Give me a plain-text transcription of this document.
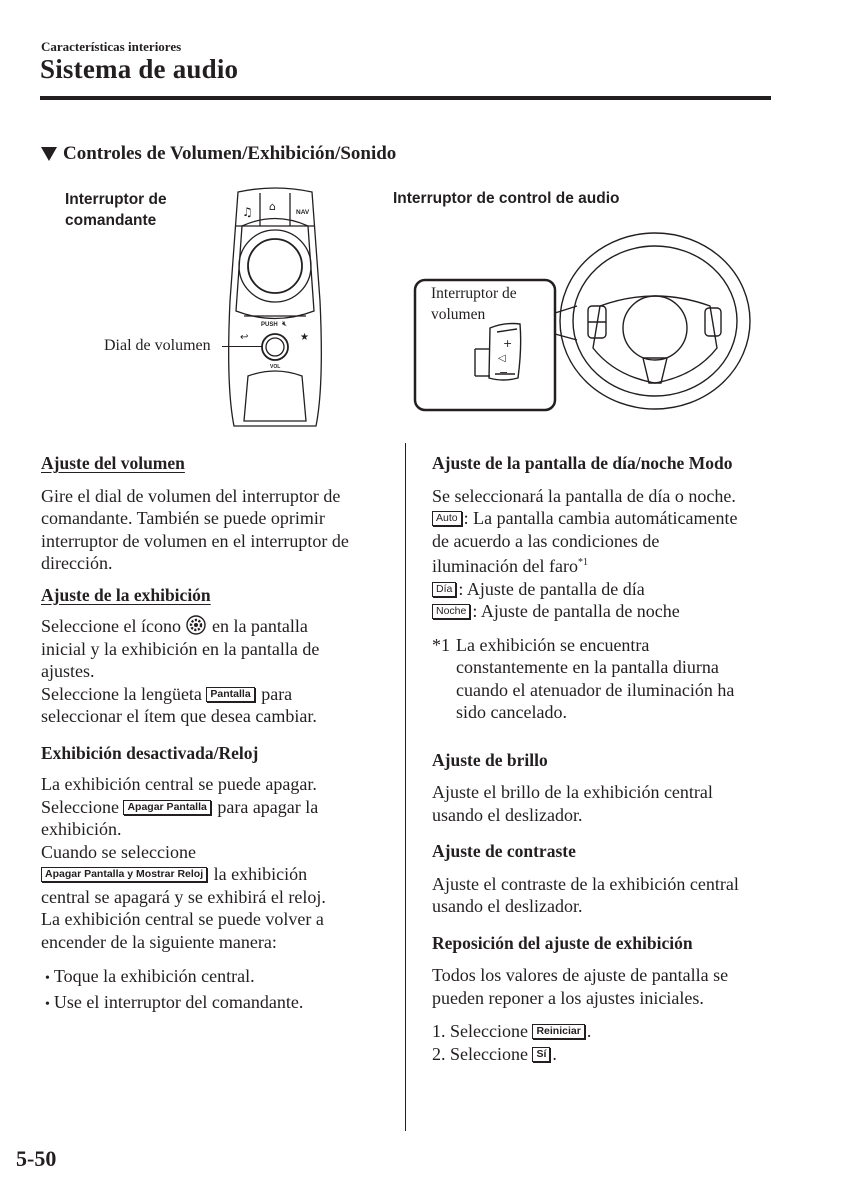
Características interiores
Sistema de audio
Controles de Volumen/Exhibición/Sonido
Interruptor de
comandante
Dial de volumen
♫ ⌂	NAV
PUSH 🔇︎
VOL
↩	★
Interruptor de control de audio
+
◁
−
Interruptor de
volumen

Ajuste del volumen

Gire el dial de volumen del interruptor de

comandante. También se puede oprimir

interruptor de volumen en el interruptor de

dirección.

Ajuste de la exhibición

Seleccione el ícono en la pantalla

inicial y la exhibición en la pantalla de

ajustes.

Seleccione la lengüeta Pantalla para

seleccionar el ítem que desea cambiar.

Exhibición desactivada/Reloj

La exhibición central se puede apagar.

Seleccione Apagar Pantalla para apagar la

exhibición.

Cuando se seleccione

Apagar Pantalla y Mostrar Reloj la exhibición

central se apagará y se exhibirá el reloj.

La exhibición central se puede volver a

encender de la siguiente manera:

• Toque la exhibición central.

• Use el interruptor del comandante.

Ajuste de la pantalla de día/noche Modo

Se seleccionará la pantalla de día o noche.

Auto : La pantalla cambia automáticamente

de acuerdo a las condiciones de

iluminación del faro$^{*1}$

Día : Ajuste de pantalla de día

Noche : Ajuste de pantalla de noche

*1 La exhibición se encuentra

constantemente en la pantalla diurna

cuando el atenuador de iluminación ha

sido cancelado.

Ajuste de brillo

Ajuste el brillo de la exhibición central

usando el deslizador.

Ajuste de contraste

Ajuste el contraste de la exhibición central

usando el deslizador.

Reposición del ajuste de exhibición

Todos los valores de ajuste de pantalla se

pueden reponer a los ajustes iniciales.

1. Seleccione Reiniciar .

2. Seleccione Sí .

5-50
